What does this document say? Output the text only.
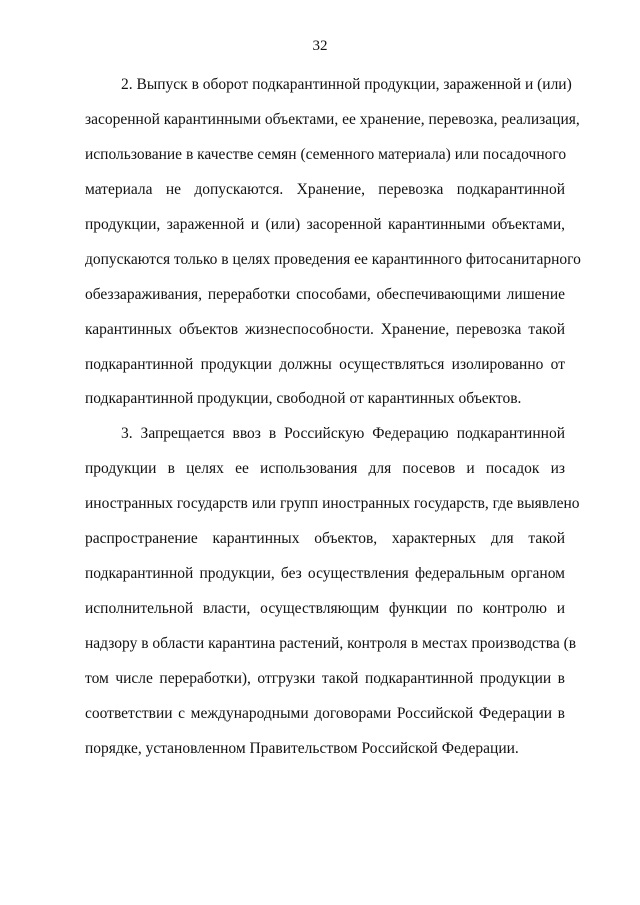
32
2. Выпуск в оборот подкарантинной продукции, зараженной и (или)
засоренной карантинными объектами, ее хранение, перевозка, реализация,
использование в качестве семян (семенного материала) или посадочного
материала не допускаются. Хранение, перевозка подкарантинной
продукции, зараженной и (или) засоренной карантинными объектами,
допускаются только в целях проведения ее карантинного фитосанитарного
обеззараживания, переработки способами, обеспечивающими лишение
карантинных объектов жизнеспособности. Хранение, перевозка такой
подкарантинной продукции должны осуществляться изолированно от
подкарантинной продукции, свободной от карантинных объектов.
3. Запрещается ввоз в Российскую Федерацию подкарантинной
продукции в целях ее использования для посевов и посадок из
иностранных государств или групп иностранных государств, где выявлено
распространение карантинных объектов, характерных для такой
подкарантинной продукции, без осуществления федеральным органом
исполнительной власти, осуществляющим функции по контролю и
надзору в области карантина растений, контроля в местах производства (в
том числе переработки), отгрузки такой подкарантинной продукции в
соответствии с международными договорами Российской Федерации в
порядке, установленном Правительством Российской Федерации.
